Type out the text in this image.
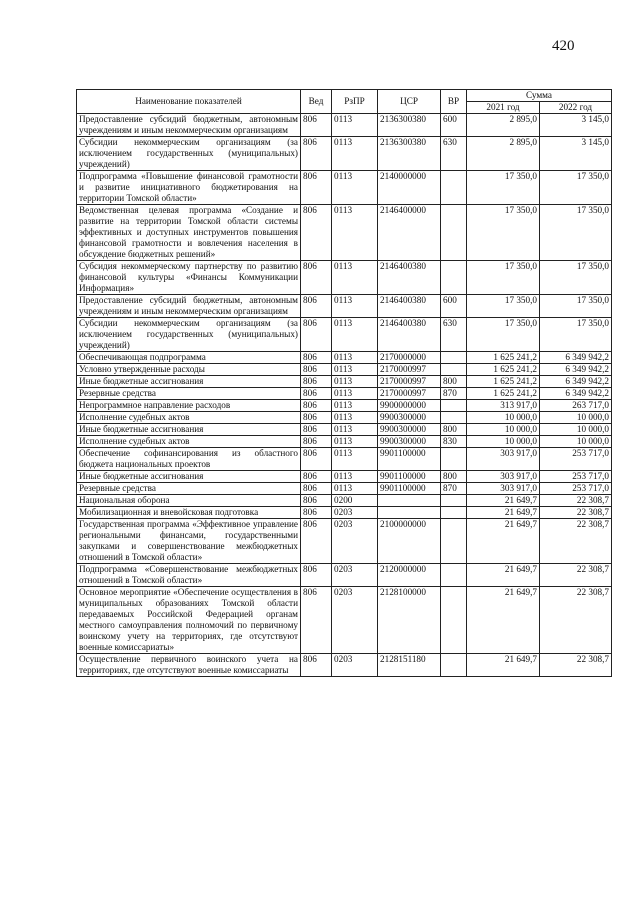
420
Наименование показателей	Вед	РзПР	ЦСР	ВР	Сумма	
					2021 год	2022 год
Предоставление субсидий бюджетным, автономным учреждениям и иным некоммерческим организациям	806	0113	2136300380	600	2 895,0	3 145,0
Субсидии некоммерческим организациям (за исключением государственных (муниципальных) учреждений)	806	0113	2136300380	630	2 895,0	3 145,0
Подпрограмма «Повышение финансовой грамотности и развитие инициативного бюджетирования на территории Томской области»	806	0113	2140000000		17 350,0	17 350,0
Ведомственная целевая программа «Создание и развитие на территории Томской области системы эффективных и доступных инструментов повышения финансовой грамотности и вовлечения населения в обсуждение бюджетных решений»	806	0113	2146400000		17 350,0	17 350,0
Субсидия некоммерческому партнерству по развитию финансовой культуры «Финансы Коммуникации Информация»	806	0113	2146400380		17 350,0	17 350,0
Предоставление субсидий бюджетным, автономным учреждениям и иным некоммерческим организациям	806	0113	2146400380	600	17 350,0	17 350,0
Субсидии некоммерческим организациям (за исключением государственных (муниципальных) учреждений)	806	0113	2146400380	630	17 350,0	17 350,0
Обеспечивающая подпрограмма	806	0113	2170000000		1 625 241,2	6 349 942,2
Условно утвержденные расходы	806	0113	2170000997		1 625 241,2	6 349 942,2
Иные бюджетные ассигнования	806	0113	2170000997	800	1 625 241,2	6 349 942,2
Резервные средства	806	0113	2170000997	870	1 625 241,2	6 349 942,2
Непрограммное направление расходов	806	0113	9900000000		313 917,0	263 717,0
Исполнение судебных актов	806	0113	9900300000		10 000,0	10 000,0
Иные бюджетные ассигнования	806	0113	9900300000	800	10 000,0	10 000,0
Исполнение судебных актов	806	0113	9900300000	830	10 000,0	10 000,0
Обеспечение софинансирования из областного бюджета национальных проектов	806	0113	9901100000		303 917,0	253 717,0
Иные бюджетные ассигнования	806	0113	9901100000	800	303 917,0	253 717,0
Резервные средства	806	0113	9901100000	870	303 917,0	253 717,0
Национальная оборона	806	0200			21 649,7	22 308,7
Мобилизационная и вневойсковая подготовка	806	0203			21 649,7	22 308,7
Государственная программа «Эффективное управление региональными финансами, государственными закупками и совершенствование межбюджетных отношений в Томской области»	806	0203	2100000000		21 649,7	22 308,7
Подпрограмма «Совершенствование межбюджетных отношений в Томской области»	806	0203	2120000000		21 649,7	22 308,7
Основное мероприятие «Обеспечение осуществления в муниципальных образованиях Томской области передаваемых Российской Федерацией органам местного самоуправления полномочий по первичному воинскому учету на территориях, где отсутствуют военные комиссариаты»	806	0203	2128100000		21 649,7	22 308,7
Осуществление первичного воинского учета на территориях, где отсутствуют военные комиссариаты	806	0203	2128151180		21 649,7	22 308,7
